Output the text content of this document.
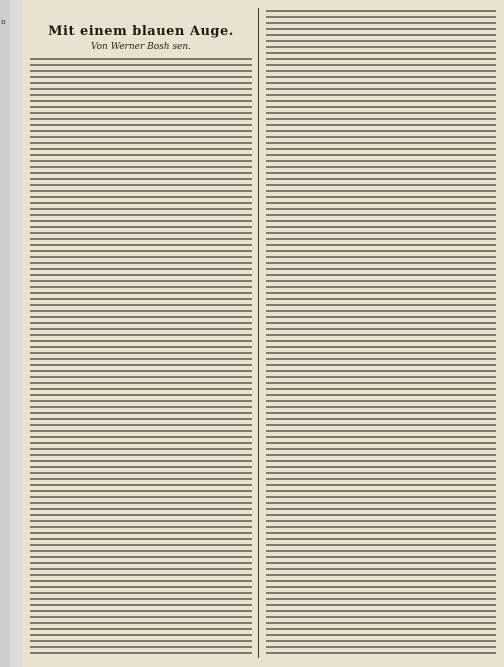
n
Mit einem blauen Auge.
Von Werner Bosh sen.
